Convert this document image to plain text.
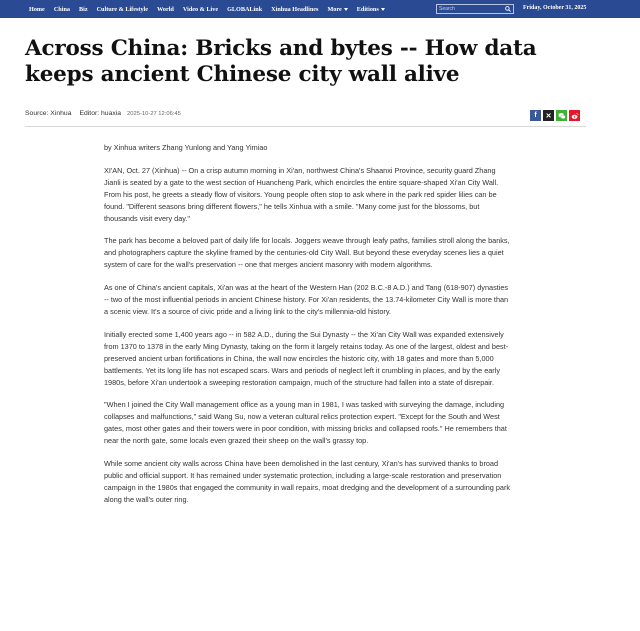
Home China Biz Culture & Lifestyle World Video & Live GLOBALink Xinhua Headlines More Editions
Search	Friday, October 31, 2025
Across China: Bricks and bytes -- How data keeps ancient Chinese city wall alive
Source: Xinhua Editor: huaxia 2025-10-27 12:06:45	f ✕

by Xinhua writers Zhang Yunlong and Yang Yimiao

XI'AN, Oct. 27 (Xinhua) -- On a crisp autumn morning in Xi'an, northwest China's Shaanxi Province, security guard Zhang Jianli is seated by a gate to the west section of Huancheng Park, which encircles the entire square-shaped Xi'an City Wall. From his post, he greets a steady flow of visitors. Young people often stop to ask where in the park red spider lilies can be found. "Different seasons bring different flowers," he tells Xinhua with a smile. "Many come just for the blossoms, but thousands visit every day."

The park has become a beloved part of daily life for locals. Joggers weave through leafy paths, families stroll along the banks, and photographers capture the skyline framed by the centuries-old City Wall. But beyond these everyday scenes lies a quiet system of care for the wall's preservation -- one that merges ancient masonry with modern algorithms.

As one of China's ancient capitals, Xi'an was at the heart of the Western Han (202 B.C.-8 A.D.) and Tang (618-907) dynasties -- two of the most influential periods in ancient Chinese history. For Xi'an residents, the 13.74-kilometer City Wall is more than a scenic view. It's a source of civic pride and a living link to the city's millennia-old history.

Initially erected some 1,400 years ago -- in 582 A.D., during the Sui Dynasty -- the Xi'an City Wall was expanded extensively from 1370 to 1378 in the early Ming Dynasty, taking on the form it largely retains today. As one of the largest, oldest and best-preserved ancient urban fortifications in China, the wall now encircles the historic city, with 18 gates and more than 5,000 battlements. Yet its long life has not escaped scars. Wars and periods of neglect left it crumbling in places, and by the early 1980s, before Xi'an undertook a sweeping restoration campaign, much of the structure had fallen into a state of disrepair.

"When I joined the City Wall management office as a young man in 1981, I was tasked with surveying the damage, including collapses and malfunctions," said Wang Su, now a veteran cultural relics protection expert. "Except for the South and West gates, most other gates and their towers were in poor condition, with missing bricks and collapsed roofs." He remembers that near the north gate, some locals even grazed their sheep on the wall's grassy top.

While some ancient city walls across China have been demolished in the last century, Xi'an's has survived thanks to broad public and official support. It has remained under systematic protection, including a large-scale restoration and preservation campaign in the 1980s that engaged the community in wall repairs, moat dredging and the development of a surrounding park along the wall's outer ring.
